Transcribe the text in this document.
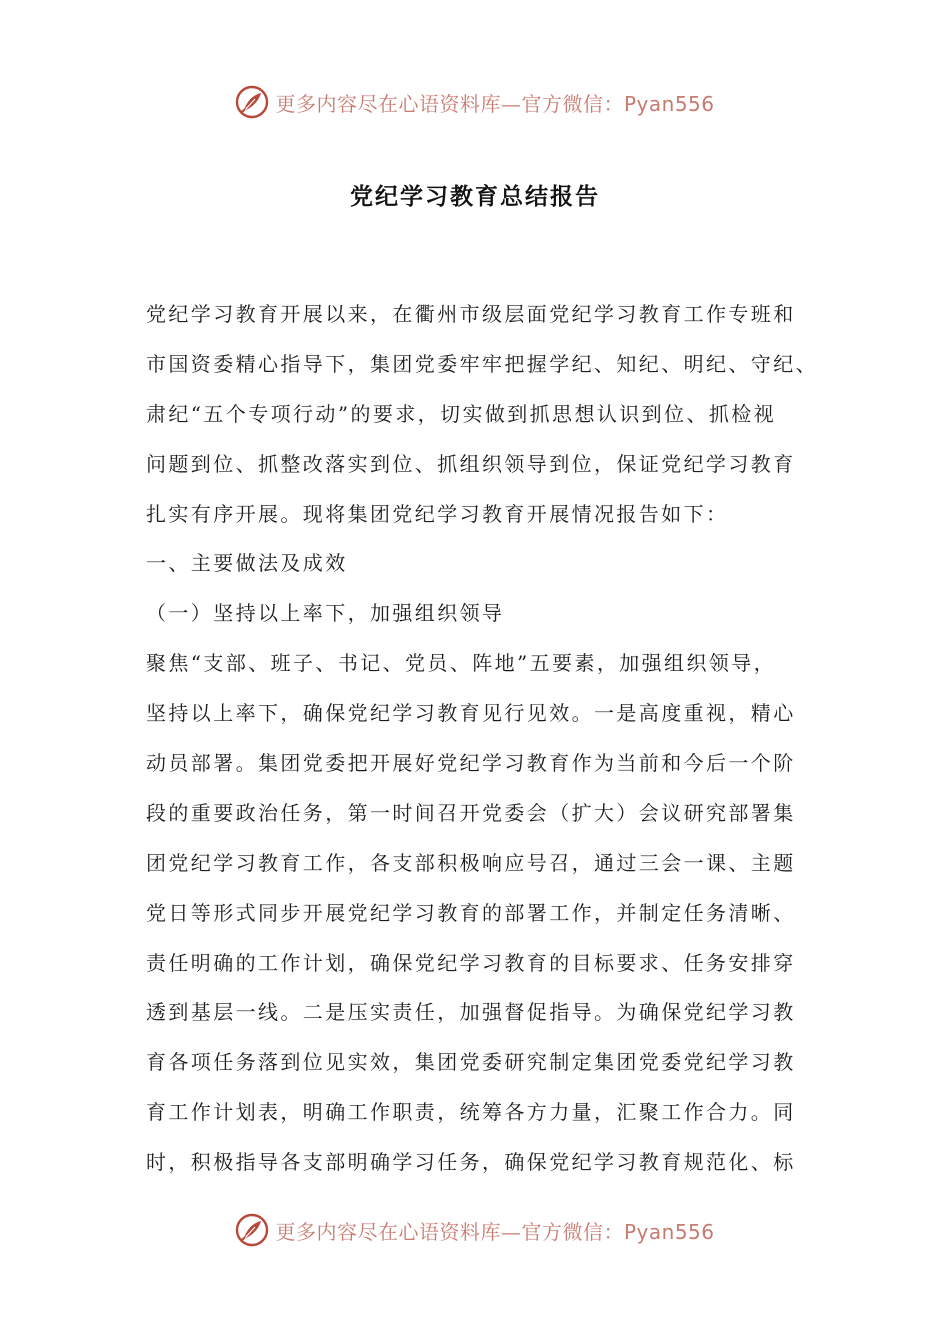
更多内容尽在心语资料库—官方微信：Pyan556
党纪学习教育总结报告
党纪学习教育开展以来，在衢州市级层面党纪学习教育工作专班和
市国资委精心指导下，集团党委牢牢把握学纪、知纪、明纪、守纪、
肃纪“五个专项行动”的要求，切实做到抓思想认识到位、抓检视
问题到位、抓整改落实到位、抓组织领导到位，保证党纪学习教育
扎实有序开展。现将集团党纪学习教育开展情况报告如下：
一、主要做法及成效
（一）坚持以上率下，加强组织领导
聚焦“支部、班子、书记、党员、阵地”五要素，加强组织领导，
坚持以上率下，确保党纪学习教育见行见效。一是高度重视，精心
动员部署。集团党委把开展好党纪学习教育作为当前和今后一个阶
段的重要政治任务，第一时间召开党委会（扩大）会议研究部署集
团党纪学习教育工作，各支部积极响应号召，通过三会一课、主题
党日等形式同步开展党纪学习教育的部署工作，并制定任务清晰、
责任明确的工作计划，确保党纪学习教育的目标要求、任务安排穿
透到基层一线。二是压实责任，加强督促指导。为确保党纪学习教
育各项任务落到位见实效，集团党委研究制定集团党委党纪学习教
育工作计划表，明确工作职责，统筹各方力量，汇聚工作合力。同
时，积极指导各支部明确学习任务，确保党纪学习教育规范化、标
更多内容尽在心语资料库—官方微信：Pyan556
